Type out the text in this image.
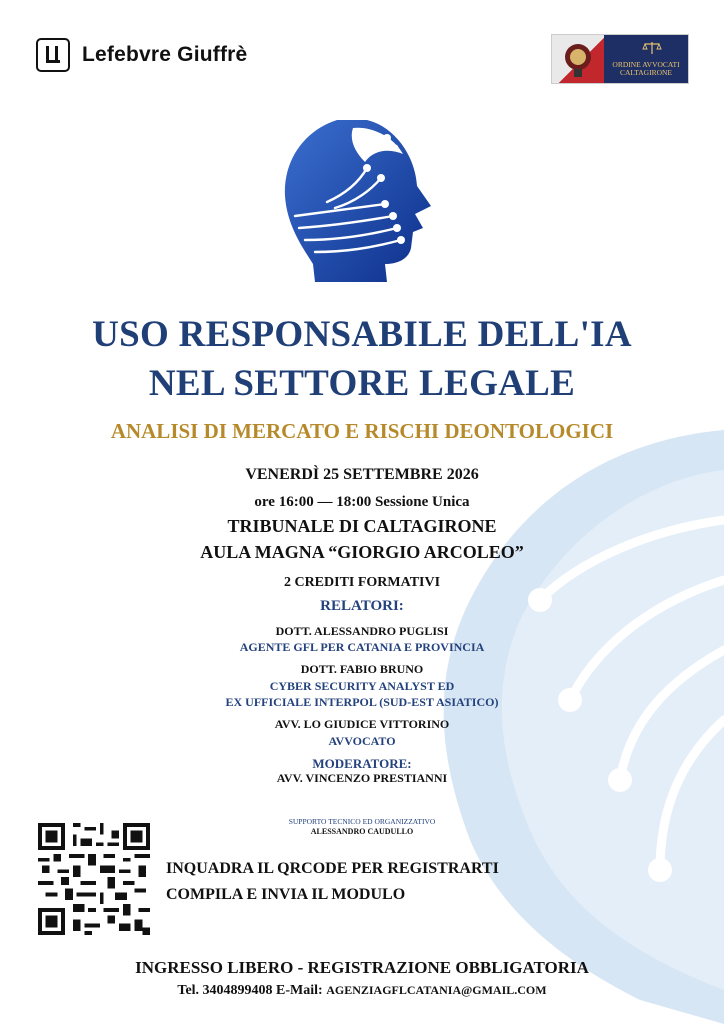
Lefebvre Giuffrè	ORDINE AVVOCATI
CALTAGIRONE
USO RESPONSABILE DELL'IA
NEL SETTORE LEGALE
ANALISI DI MERCATO E RISCHI DEONTOLOGICI
VENERDÌ 25 SETTEMBRE 2026
ore 16:00 — 18:00 Sessione Unica
TRIBUNALE DI CALTAGIRONE
AULA MAGNA “GIORGIO ARCOLEO”
2 CREDITI FORMATIVI
RELATORI:
DOTT. ALESSANDRO PUGLISI
AGENTE GFL PER CATANIA E PROVINCIA
DOTT. FABIO BRUNO
CYBER SECURITY ANALYST ED
EX UFFICIALE INTERPOL (SUD-EST ASIATICO)
AVV. LO GIUDICE VITTORINO
AVVOCATO
MODERATORE:
AVV. VINCENZO PRESTIANNI
SUPPORTO TECNICO ED ORGANIZZATIVO
ALESSANDRO CAUDULLO
INQUADRA IL QRCODE PER REGISTRARTI
COMPILA E INVIA IL MODULO
INGRESSO LIBERO - REGISTRAZIONE OBBLIGATORIA
Tel. 3404899408 E-Mail: AGENZIAGFLCATANIA@GMAIL.COM
